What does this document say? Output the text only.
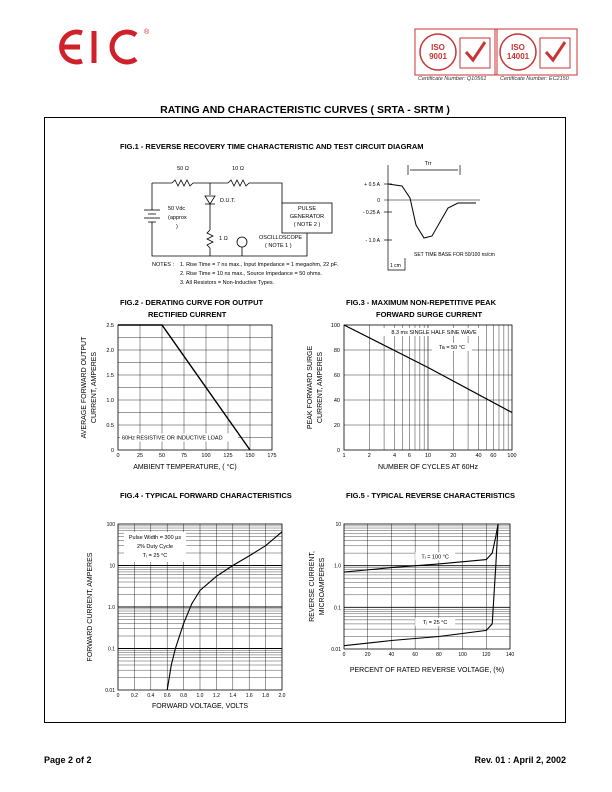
®
ISO
9001
Certificate Number: Q10561
ISO
14001
Certificate Number: EC2150
RATING AND CHARACTERISTIC CURVES ( SRTA - SRTM )
FIG.1 - REVERSE RECOVERY TIME CHARACTERISTIC AND TEST CIRCUIT DIAGRAM
50 Ω	10 Ω
D.U.T.
50 Vdc
(approx
)
1 Ω	OSCILLOSCOPE
( NOTE 1 )
PULSE
GENERATOR
( NOTE 2 )
NOTES : 1. Rise Time = 7 ns max., Input Impedance = 1 megaohm, 22 pF.
2. Rise Time = 10 ns max., Source Impedance = 50 ohms.
3. All Resistors = Non-Inductive Types.
Trr
+ 0.5 A
0
- 0.25 A
- 1.0 A
SET TIME BASE FOR 50/100 ns/cm
1 cm
FIG.2 - DERATING CURVE FOR OUTPUT
RECTIFIED CURRENT
FIG.3 - MAXIMUM NON-REPETITIVE PEAK
FORWARD SURGE CURRENT
FIG.4 - TYPICAL FORWARD CHARACTERISTICS	FIG.5 - TYPICAL REVERSE CHARACTERISTICS
0	25	50	75	100 125 150 175
0
0.5
1.0
1.5
2.0
2.5
60Hz RESISTIVE OR INDUCTIVE LOAD
AMBIENT TEMPERATURE, ( °C)
AVERAGE FORWARD OUTPUT CURRENT, AMPERES
1	2	4 6	10	20	40 60 100
0
20
40
60
80
100
8.3 ms SINGLE HALF SINE WAVE
Ta = 50 °C
NUMBER OF CYCLES AT 60Hz
PEAK FORWARD SURGE CURRENT, AMPERES
0 0.2 0.4 0.6 0.8 1.0 1.2 1.4 1.6 1.8 2.0
100
10
1.0
0.1
0.01
Pulse Width = 300 μs
2% Duty Cycle
Tⱼ = 25 °C
FORWARD VOLTAGE, VOLTS
FORWARD CURRENT, AMPERES	0	20	40	60	80	100	120	140
10
1.0
0.1
0.01
Tⱼ = 100 °C
Tⱼ = 25 °C
PERCENT OF RATED REVERSE VOLTAGE, (%)
REVERSE CURRENT, MICROAMPERES
Page 2 of 2	Rev. 01 : April 2, 2002
